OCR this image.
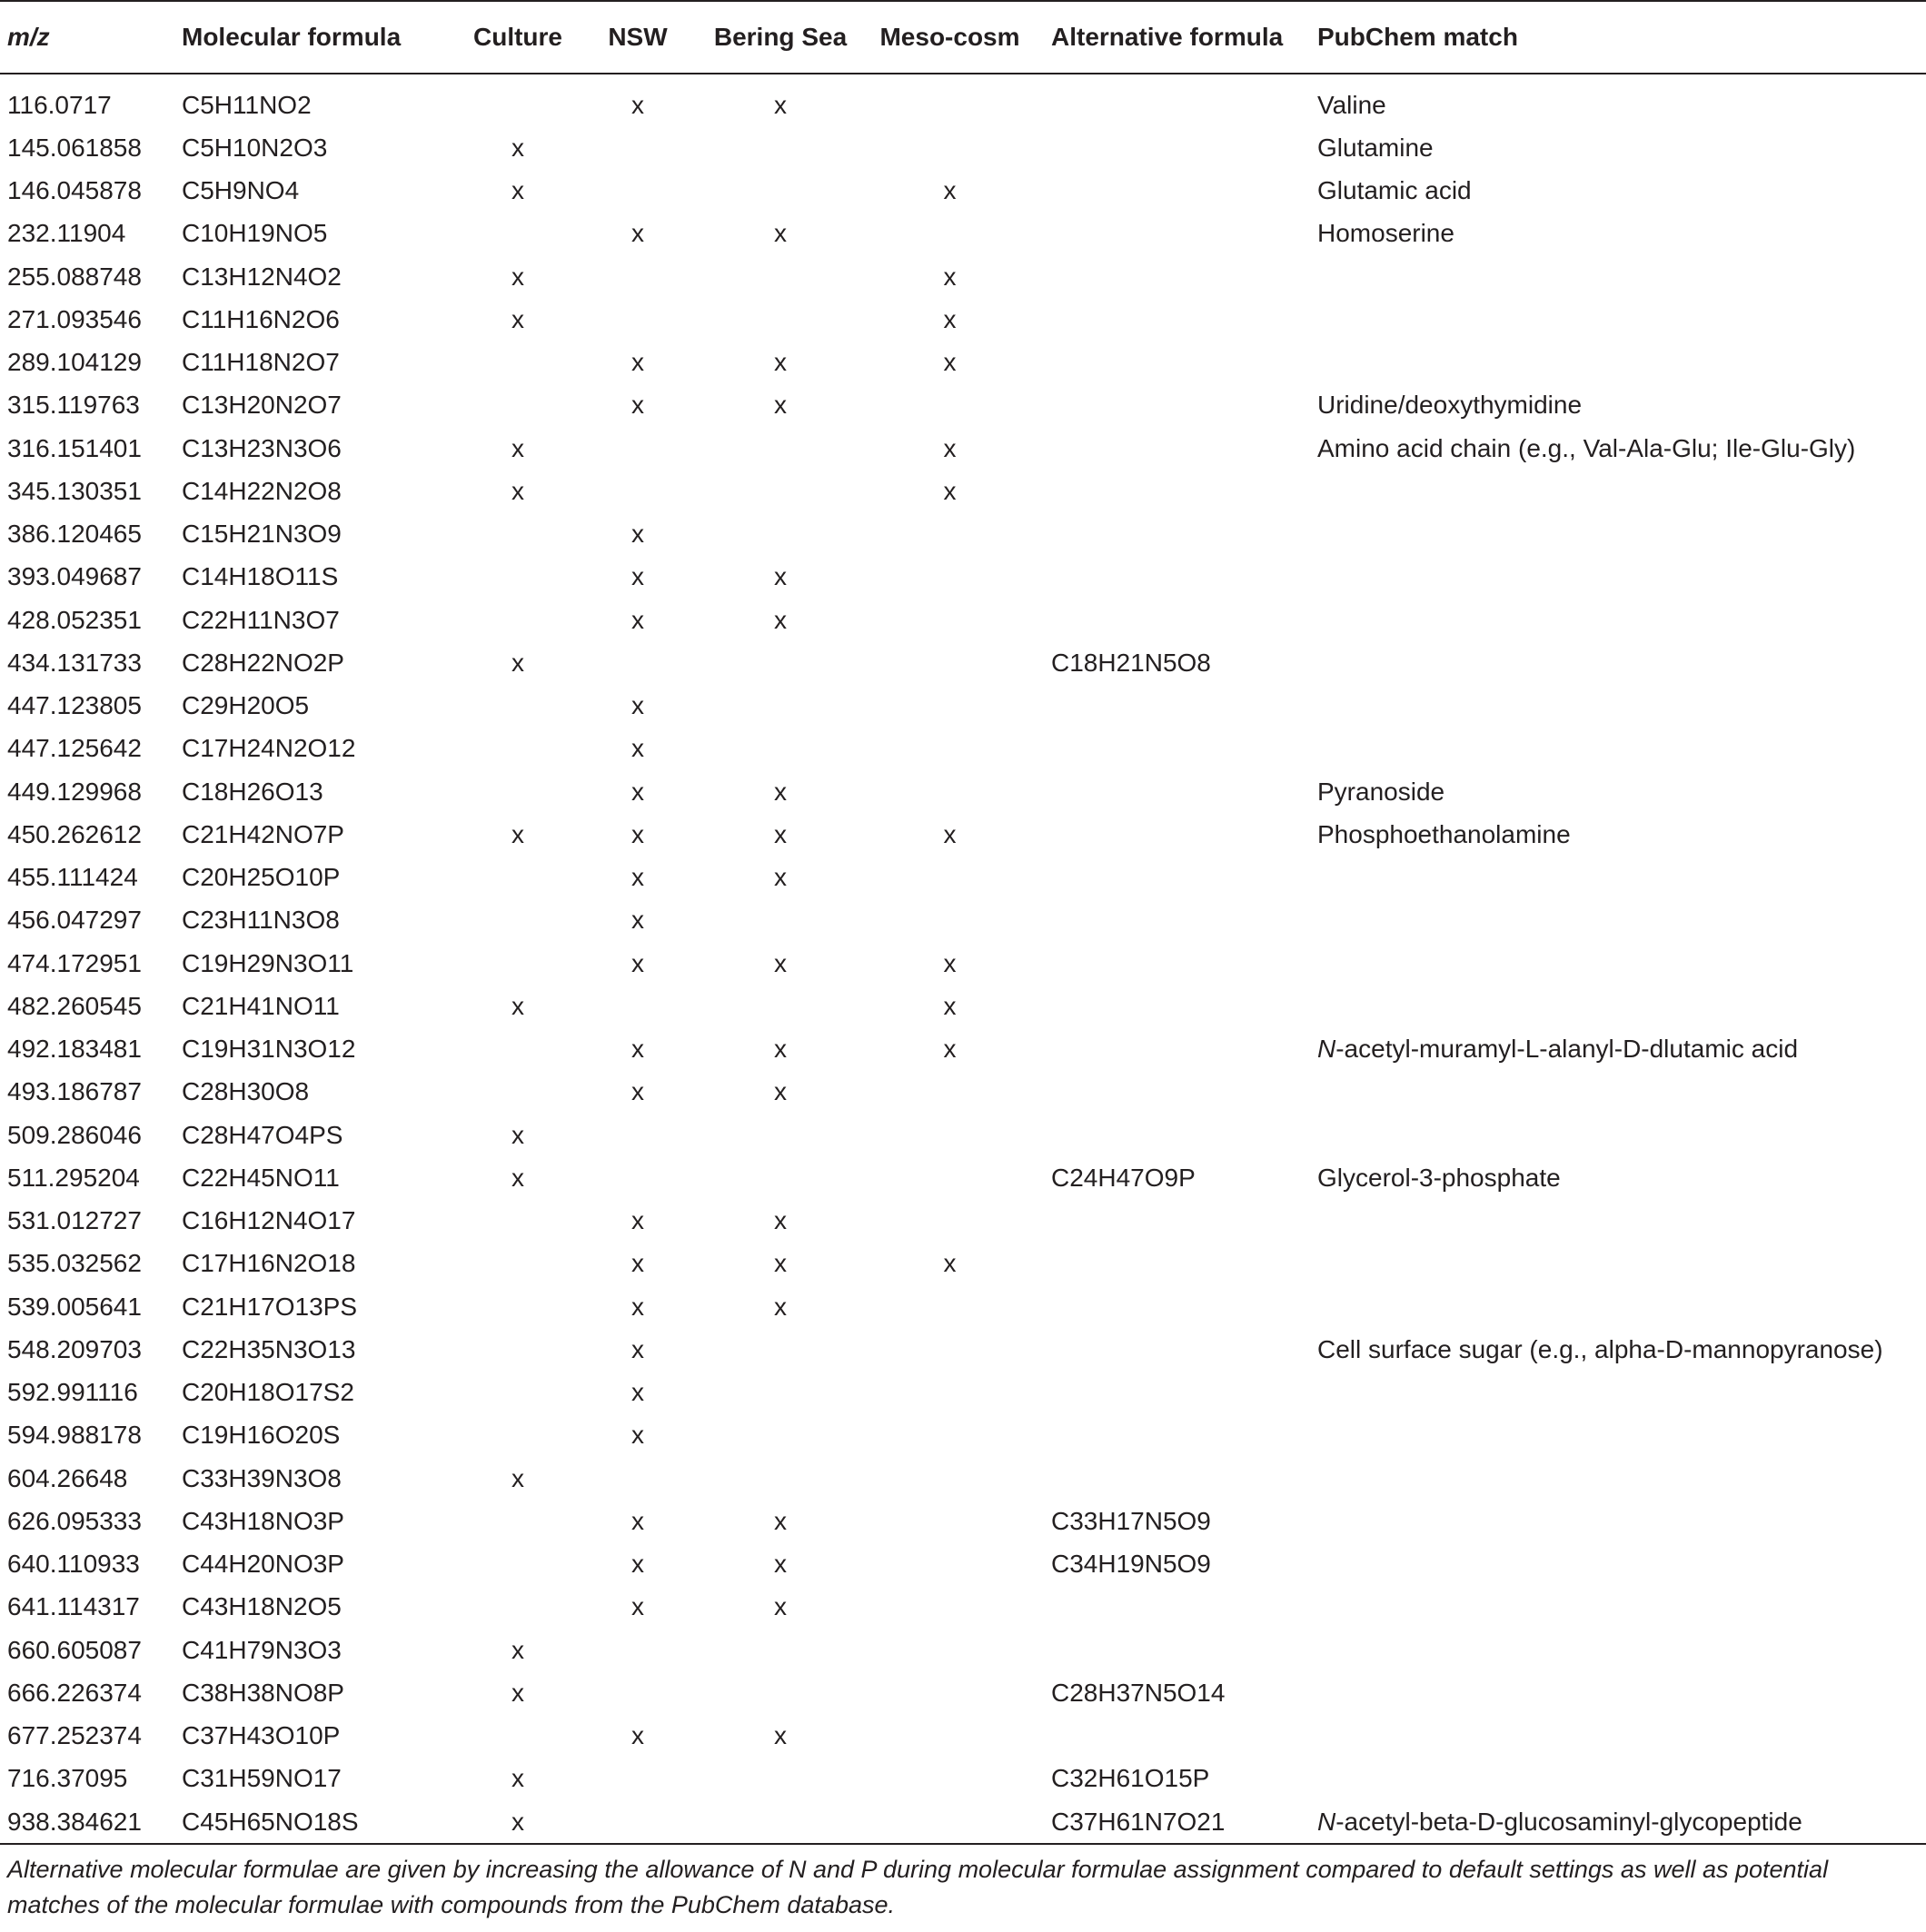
m/z	Molecular formula	Culture	NSW	Bering Sea	Meso-cosm	Alternative formula	PubChem match
116.0717	C5H11NO2		x	x			Valine
145.061858	C5H10N2O3	x					Glutamine
146.045878	C5H9NO4	x			x		Glutamic acid
232.11904	C10H19NO5		x	x			Homoserine
255.088748	C13H12N4O2	x			x		
271.093546	C11H16N2O6	x			x		
289.104129	C11H18N2O7		x	x	x		
315.119763	C13H20N2O7		x	x			Uridine/deoxythymidine
316.151401	C13H23N3O6	x			x		Amino acid chain (e.g., Val-Ala-Glu; Ile-Glu-Gly)
345.130351	C14H22N2O8	x			x		
386.120465	C15H21N3O9		x				
393.049687	C14H18O11S		x	x			
428.052351	C22H11N3O7		x	x			
434.131733	C28H22NO2P	x				C18H21N5O8	
447.123805	C29H20O5		x				
447.125642	C17H24N2O12		x				
449.129968	C18H26O13		x	x			Pyranoside
450.262612	C21H42NO7P	x	x	x	x		Phosphoethanolamine
455.111424	C20H25O10P		x	x			
456.047297	C23H11N3O8		x				
474.172951	C19H29N3O11		x	x	x		
482.260545	C21H41NO11	x			x		
492.183481	C19H31N3O12		x	x	x		N-acetyl-muramyl-L-alanyl-D-dlutamic acid
493.186787	C28H30O8		x	x			
509.286046	C28H47O4PS	x					
511.295204	C22H45NO11	x				C24H47O9P	Glycerol-3-phosphate
531.012727	C16H12N4O17		x	x			
535.032562	C17H16N2O18		x	x	x		
539.005641	C21H17O13PS		x	x			
548.209703	C22H35N3O13		x				Cell surface sugar (e.g., alpha-D-mannopyranose)
592.991116	C20H18O17S2		x				
594.988178	C19H16O20S		x				
604.26648	C33H39N3O8	x					
626.095333	C43H18NO3P		x	x		C33H17N5O9	
640.110933	C44H20NO3P		x	x		C34H19N5O9	
641.114317	C43H18N2O5		x	x			
660.605087	C41H79N3O3	x					
666.226374	C38H38NO8P	x				C28H37N5O14	
677.252374	C37H43O10P		x	x			
716.37095	C31H59NO17	x				C32H61O15P	
938.384621	C45H65NO18S	x				C37H61N7O21	N-acetyl-beta-D-glucosaminyl-glycopeptide
Alternative molecular formulae are given by increasing the allowance of N and P during molecular formulae assignment compared to default settings as well as potential matches of the molecular formulae with compounds from the PubChem database.
